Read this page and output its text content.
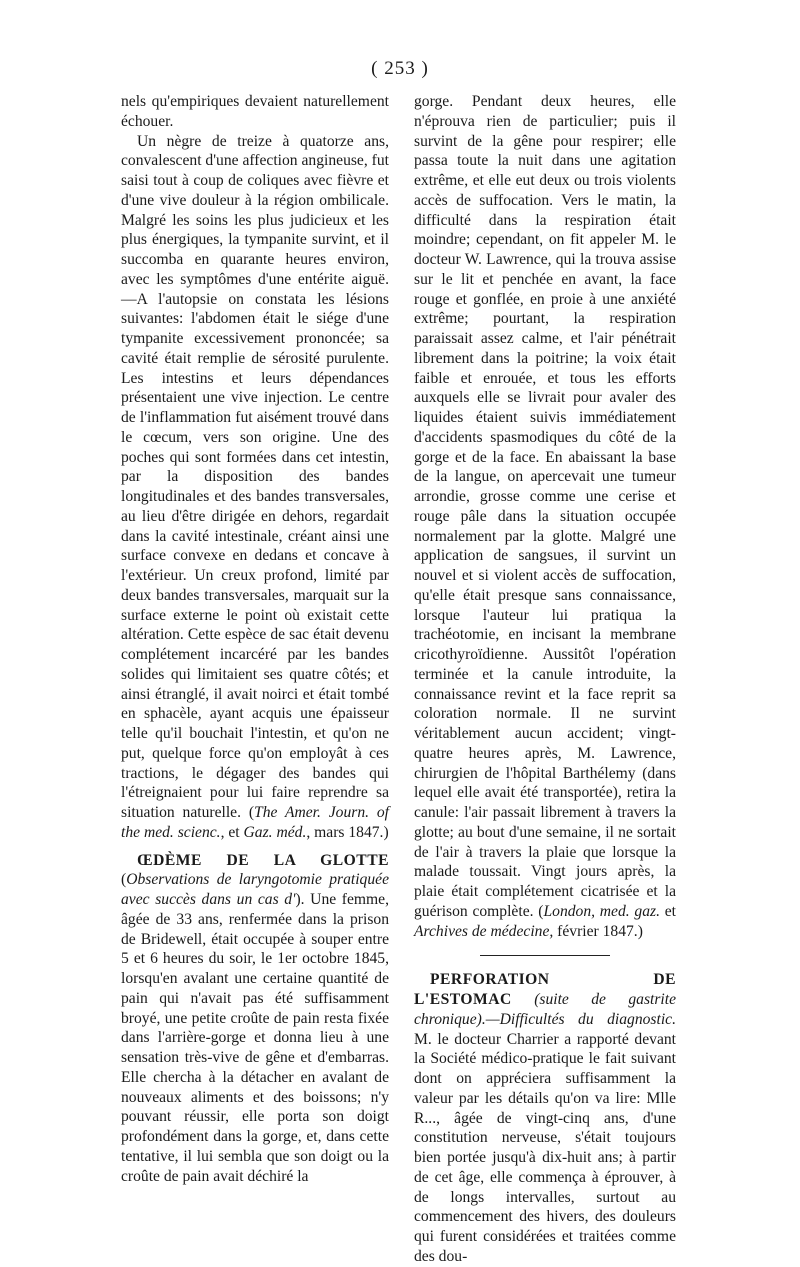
( 253 )

nels qu'empiriques devaient naturellement échouer.

Un nègre de treize à quatorze ans, convalescent d'une affection angineuse, fut saisi tout à coup de coliques avec fièvre et d'une vive douleur à la région ombilicale. Malgré les soins les plus judicieux et les plus énergiques, la tympanite survint, et il succomba en quarante heures environ, avec les symptômes d'une entérite aiguë.—A l'autopsie on constata les lésions suivantes: l'abdomen était le siége d'une tympanite excessivement prononcée; sa cavité était remplie de sérosité purulente. Les intestins et leurs dépendances présentaient une vive injection. Le centre de l'inflammation fut aisément trouvé dans le cœcum, vers son origine. Une des poches qui sont formées dans cet intestin, par la disposition des bandes longitudinales et des bandes transversales, au lieu d'être dirigée en dehors, regardait dans la cavité intestinale, créant ainsi une surface convexe en dedans et concave à l'extérieur. Un creux profond, limité par deux bandes transversales, marquait sur la surface externe le point où existait cette altération. Cette espèce de sac était devenu complétement incarcéré par les bandes solides qui limitaient ses quatre côtés; et ainsi étranglé, il avait noirci et était tombé en sphacèle, ayant acquis une épaisseur telle qu'il bouchait l'intestin, et qu'on ne put, quelque force qu'on employât à ces tractions, le dégager des bandes qui l'étreignaient pour lui faire reprendre sa situation naturelle. (The Amer. Journ. of the med. scienc., et Gaz. méd., mars 1847.)

ŒDÈME DE LA GLOTTE (Observations de laryngotomie pratiquée avec succès dans un cas d'). Une femme, âgée de 33 ans, renfermée dans la prison de Bridewell, était occupée à souper entre 5 et 6 heures du soir, le 1er octobre 1845, lorsqu'en avalant une certaine quantité de pain qui n'avait pas été suffisamment broyé, une petite croûte de pain resta fixée dans l'arrière-gorge et donna lieu à une sensation très-vive de gêne et d'embarras. Elle chercha à la détacher en avalant de nouveaux aliments et des boissons; n'y pouvant réussir, elle porta son doigt profondément dans la gorge, et, dans cette tentative, il lui sembla que son doigt ou la croûte de pain avait déchiré la

gorge. Pendant deux heures, elle n'éprouva rien de particulier; puis il survint de la gêne pour respirer; elle passa toute la nuit dans une agitation extrême, et elle eut deux ou trois violents accès de suffocation. Vers le matin, la difficulté dans la respiration était moindre; cependant, on fit appeler M. le docteur W. Lawrence, qui la trouva assise sur le lit et penchée en avant, la face rouge et gonflée, en proie à une anxiété extrême; pourtant, la respiration paraissait assez calme, et l'air pénétrait librement dans la poitrine; la voix était faible et enrouée, et tous les efforts auxquels elle se livrait pour avaler des liquides étaient suivis immédiatement d'accidents spasmodiques du côté de la gorge et de la face. En abaissant la base de la langue, on apercevait une tumeur arrondie, grosse comme une cerise et rouge pâle dans la situation occupée normalement par la glotte. Malgré une application de sangsues, il survint un nouvel et si violent accès de suffocation, qu'elle était presque sans connaissance, lorsque l'auteur lui pratiqua la trachéotomie, en incisant la membrane cricothyroïdienne. Aussitôt l'opération terminée et la canule introduite, la connaissance revint et la face reprit sa coloration normale. Il ne survint véritablement aucun accident; vingt-quatre heures après, M. Lawrence, chirurgien de l'hôpital Barthélemy (dans lequel elle avait été transportée), retira la canule: l'air passait librement à travers la glotte; au bout d'une semaine, il ne sortait de l'air à travers la plaie que lorsque la malade toussait. Vingt jours après, la plaie était complétement cicatrisée et la guérison complète. (London, med. gaz. et Archives de médecine, février 1847.)

PERFORATION DE L'ESTOMAC (suite de gastrite chronique).—Difficultés du diagnostic. M. le docteur Charrier a rapporté devant la Société médico-pratique le fait suivant dont on appréciera suffisamment la valeur par les détails qu'on va lire: Mlle R..., âgée de vingt-cinq ans, d'une constitution nerveuse, s'était toujours bien portée jusqu'à dix-huit ans; à partir de cet âge, elle commença à éprouver, à de longs intervalles, surtout au commencement des hivers, des douleurs qui furent considérées et traitées comme des dou-
